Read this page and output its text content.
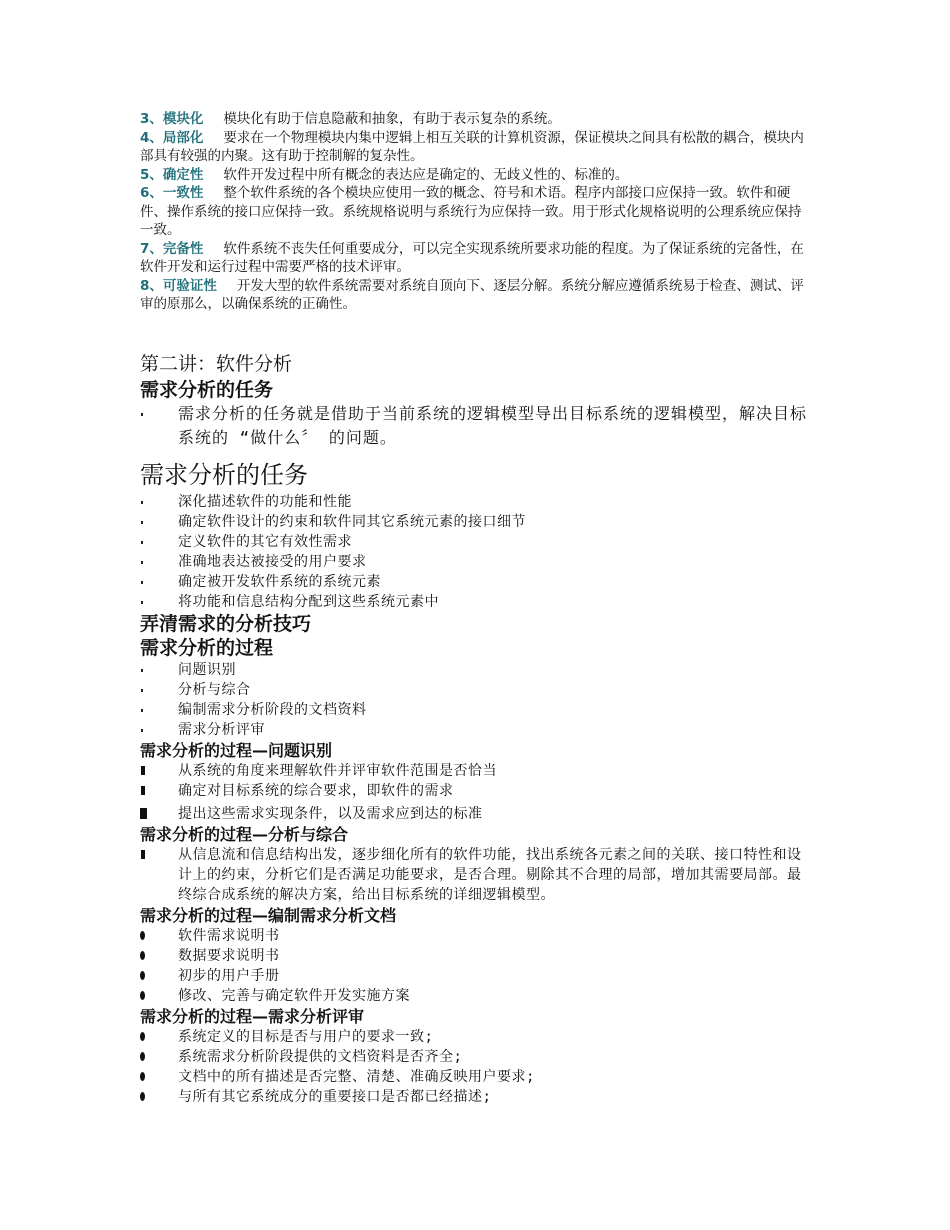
3、模块化 模块化有助于信息隐蔽和抽象，有助于表示复杂的系统。

4、局部化 要求在一个物理模块内集中逻辑上相互关联的计算机资源，保证模块之间具有松散的耦合，模块内部具有较强的内聚。这有助于控制解的复杂性。

5、确定性 软件开发过程中所有概念的表达应是确定的、无歧义性的、标准的。

6、一致性 整个软件系统的各个模块应使用一致的概念、符号和术语。程序内部接口应保持一致。软件和硬件、操作系统的接口应保持一致。系统规格说明与系统行为应保持一致。用于形式化规格说明的公理系统应保持一致。

7、完备性 软件系统不丧失任何重要成分，可以完全实现系统所要求功能的程度。为了保证系统的完备性，在软件开发和运行过程中需要严格的技术评审。

8、可验证性 开发大型的软件系统需要对系统自顶向下、逐层分解。系统分解应遵循系统易于检查、测试、评审的原那么，以确保系统的正确性。

第二讲：软件分析
需求分析的任务
需求分析的任务就是借助于当前系统的逻辑模型导出目标系统的逻辑模型，解决目标系统的 “做什么〞 的问题。
需求分析的任务
深化描述软件的功能和性能
确定软件设计的约束和软件同其它系统元素的接口细节
定义软件的其它有效性需求
准确地表达被接受的用户要求
确定被开发软件系统的系统元素
将功能和信息结构分配到这些系统元素中
弄清需求的分析技巧
需求分析的过程
问题识别
分析与综合
编制需求分析阶段的文档资料
需求分析评审
需求分析的过程—问题识别
从系统的角度来理解软件并评审软件范围是否恰当
确定对目标系统的综合要求，即软件的需求
提出这些需求实现条件，以及需求应到达的标准
需求分析的过程—分析与综合
从信息流和信息结构出发，逐步细化所有的软件功能，找出系统各元素之间的关联、接口特性和设计上的约束，分析它们是否满足功能要求，是否合理。剔除其不合理的局部，增加其需要局部。最终综合成系统的解决方案，给出目标系统的详细逻辑模型。
需求分析的过程—编制需求分析文档
软件需求说明书
数据要求说明书
初步的用户手册
修改、完善与确定软件开发实施方案
需求分析的过程—需求分析评审
系统定义的目标是否与用户的要求一致;
系统需求分析阶段提供的文档资料是否齐全;
文档中的所有描述是否完整、清楚、准确反映用户要求;
与所有其它系统成分的重要接口是否都已经描述;
